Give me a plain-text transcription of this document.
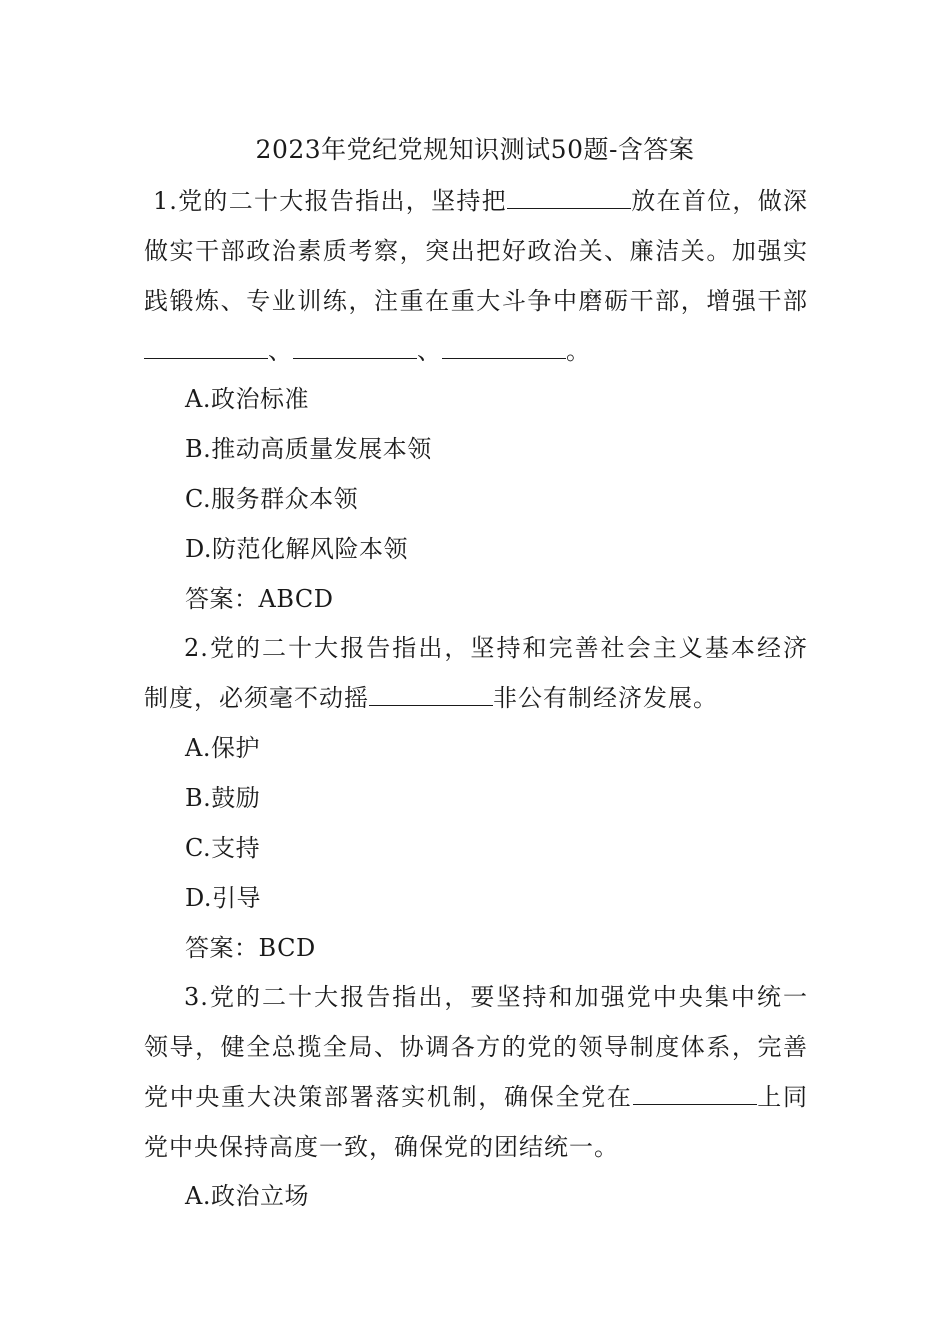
2023年党纪党规知识测试50题-含答案
1.党的二十大报告指出，坚持把	放在首位，做深做实干部政治素质考察，突出把好政治关、廉洁关。加强实践锻炼、专业训练，注重在重大斗争中磨砺干部，增强干部、	、	。
A.政治标准
B.推动高质量发展本领
C.服务群众本领
D.防范化解风险本领
答案：ABCD
2.党的二十大报告指出，坚持和完善社会主义基本经济制度，必须毫不动摇	非公有制经济发展。
A.保护
B.鼓励
C.支持
D.引导
答案：BCD
3.党的二十大报告指出，要坚持和加强党中央集中统一领导，健全总揽全局、协调各方的党的领导制度体系，完善党中央重大决策部署落实机制，确保全党在	上同党中央保持高度一致，确保党的团结统一。
A.政治立场
